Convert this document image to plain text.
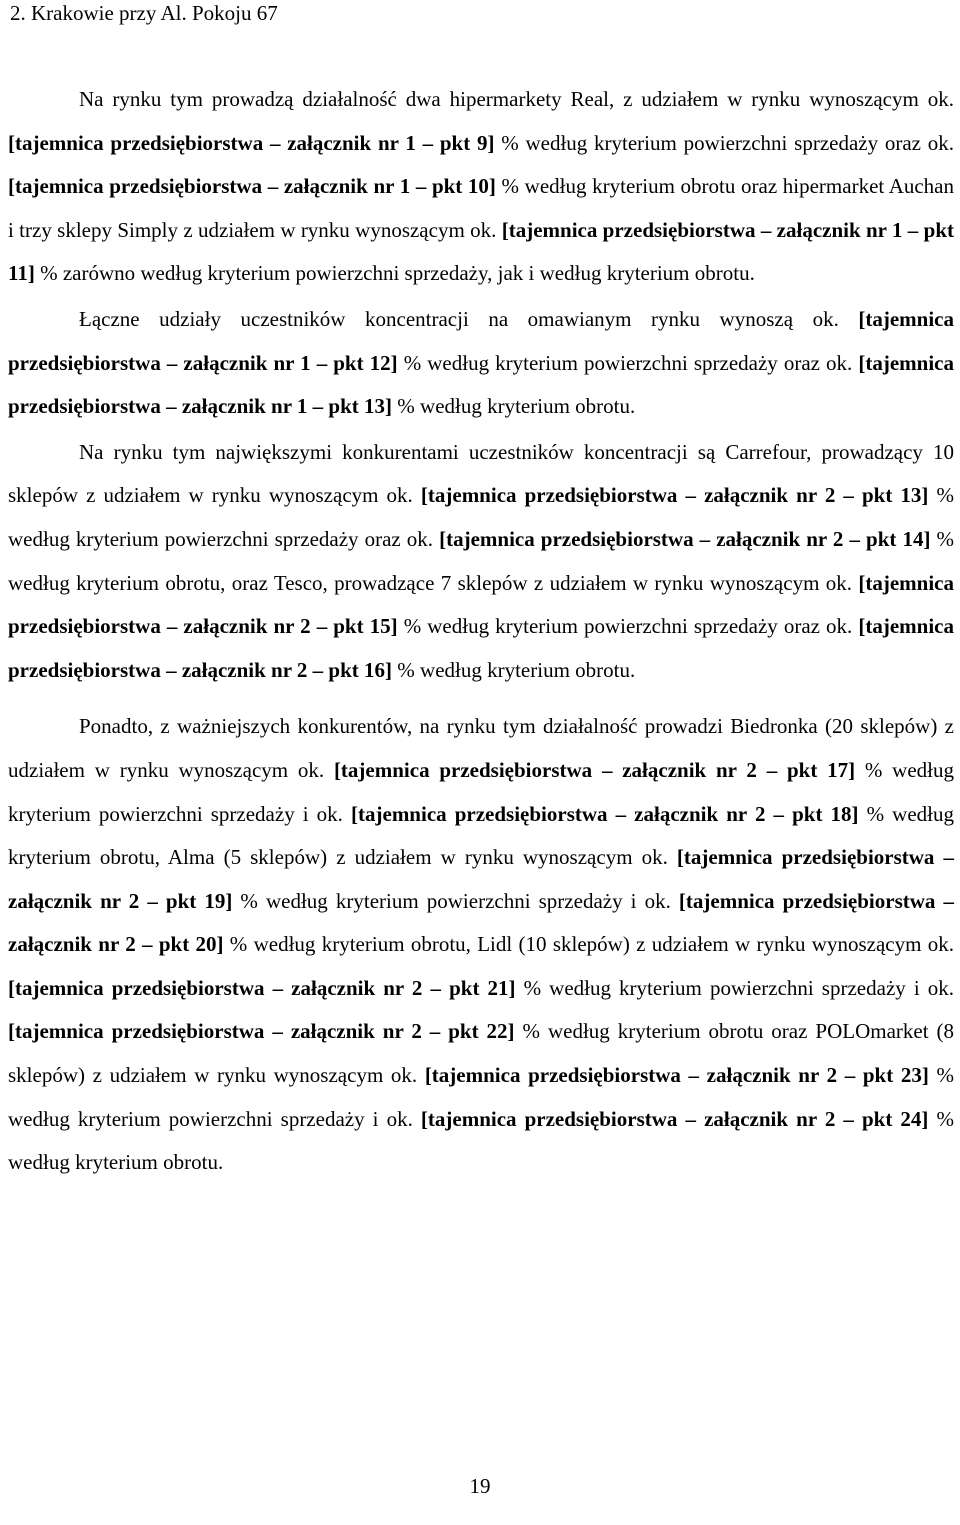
2. Krakowie przy Al. Pokoju 67

Na rynku tym prowadzą działalność dwa hipermarkety Real, z udziałem w rynku wynoszącym ok. [tajemnica przedsiębiorstwa – załącznik nr 1 – pkt 9] % według kryterium powierzchni sprzedaży oraz ok. [tajemnica przedsiębiorstwa – załącznik nr 1 – pkt 10] % według kryterium obrotu oraz hipermarket Auchan i trzy sklepy Simply z udziałem w rynku wynoszącym ok. [tajemnica przedsiębiorstwa – załącznik nr 1 – pkt 11] % zarówno według kryterium powierzchni sprzedaży, jak i według kryterium obrotu.

Łączne udziały uczestników koncentracji na omawianym rynku wynoszą ok. [tajemnica przedsiębiorstwa – załącznik nr 1 – pkt 12] % według kryterium powierzchni sprzedaży oraz ok. [tajemnica przedsiębiorstwa – załącznik nr 1 – pkt 13] % według kryterium obrotu.

Na rynku tym największymi konkurentami uczestników koncentracji są Carrefour, prowadzący 10 sklepów z udziałem w rynku wynoszącym ok. [tajemnica przedsiębiorstwa – załącznik nr 2 – pkt 13] % według kryterium powierzchni sprzedaży oraz ok. [tajemnica przedsiębiorstwa – załącznik nr 2 – pkt 14] % według kryterium obrotu, oraz Tesco, prowadzące 7 sklepów z udziałem w rynku wynoszącym ok. [tajemnica przedsiębiorstwa – załącznik nr 2 – pkt 15] % według kryterium powierzchni sprzedaży oraz ok. [tajemnica przedsiębiorstwa – załącznik nr 2 – pkt 16] % według kryterium obrotu.

Ponadto, z ważniejszych konkurentów, na rynku tym działalność prowadzi Biedronka (20 sklepów) z udziałem w rynku wynoszącym ok. [tajemnica przedsiębiorstwa – załącznik nr 2 – pkt 17] % według kryterium powierzchni sprzedaży i ok. [tajemnica przedsiębiorstwa – załącznik nr 2 – pkt 18] % według kryterium obrotu, Alma (5 sklepów) z udziałem w rynku wynoszącym ok. [tajemnica przedsiębiorstwa – załącznik nr 2 – pkt 19] % według kryterium powierzchni sprzedaży i ok. [tajemnica przedsiębiorstwa – załącznik nr 2 – pkt 20] % według kryterium obrotu, Lidl (10 sklepów) z udziałem w rynku wynoszącym ok. [tajemnica przedsiębiorstwa – załącznik nr 2 – pkt 21] % według kryterium powierzchni sprzedaży i ok. [tajemnica przedsiębiorstwa – załącznik nr 2 – pkt 22] % według kryterium obrotu oraz POLOmarket (8 sklepów) z udziałem w rynku wynoszącym ok. [tajemnica przedsiębiorstwa – załącznik nr 2 – pkt 23] % według kryterium powierzchni sprzedaży i ok. [tajemnica przedsiębiorstwa – załącznik nr 2 – pkt 24] % według kryterium obrotu.

19
